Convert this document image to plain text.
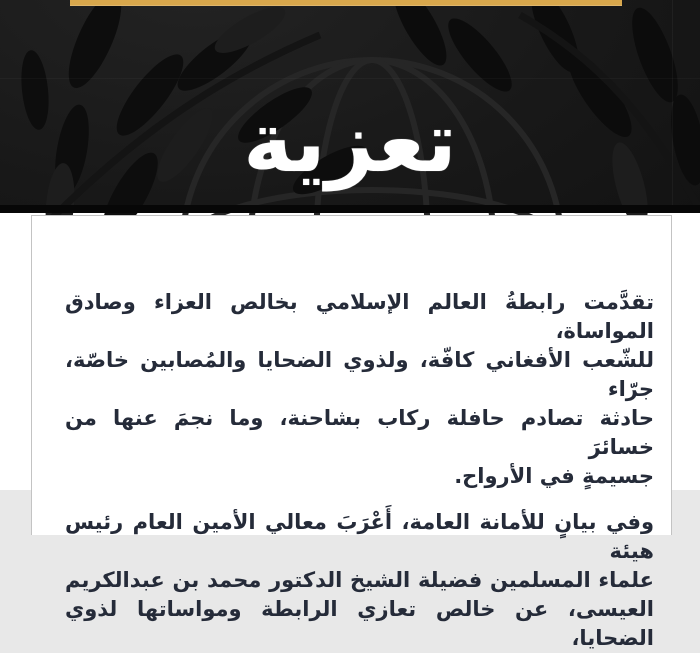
تعزية
تقدَّمت رابطةُ العالم الإسلامي بخالص العزاء وصادق المواساة،
للشّعب الأفغاني كافّة، ولذوي الضحايا والمُصابين خاصّة، جرّاء
حادثة تصادم حافلة ركاب بشاحنة، وما نجمَ عنها من خسائرَ
جسيمةٍ في الأرواح.
وفي بيانٍ للأمانة العامة، أَعْرَبَ معالي الأمين العام رئيس هيئة
علماء المسلمين فضيلة الشيخ الدكتور محمد بن عبدالكريم
العيسى، عن خالص تعازي الرابطة ومواساتها لذوي الضحايا،
